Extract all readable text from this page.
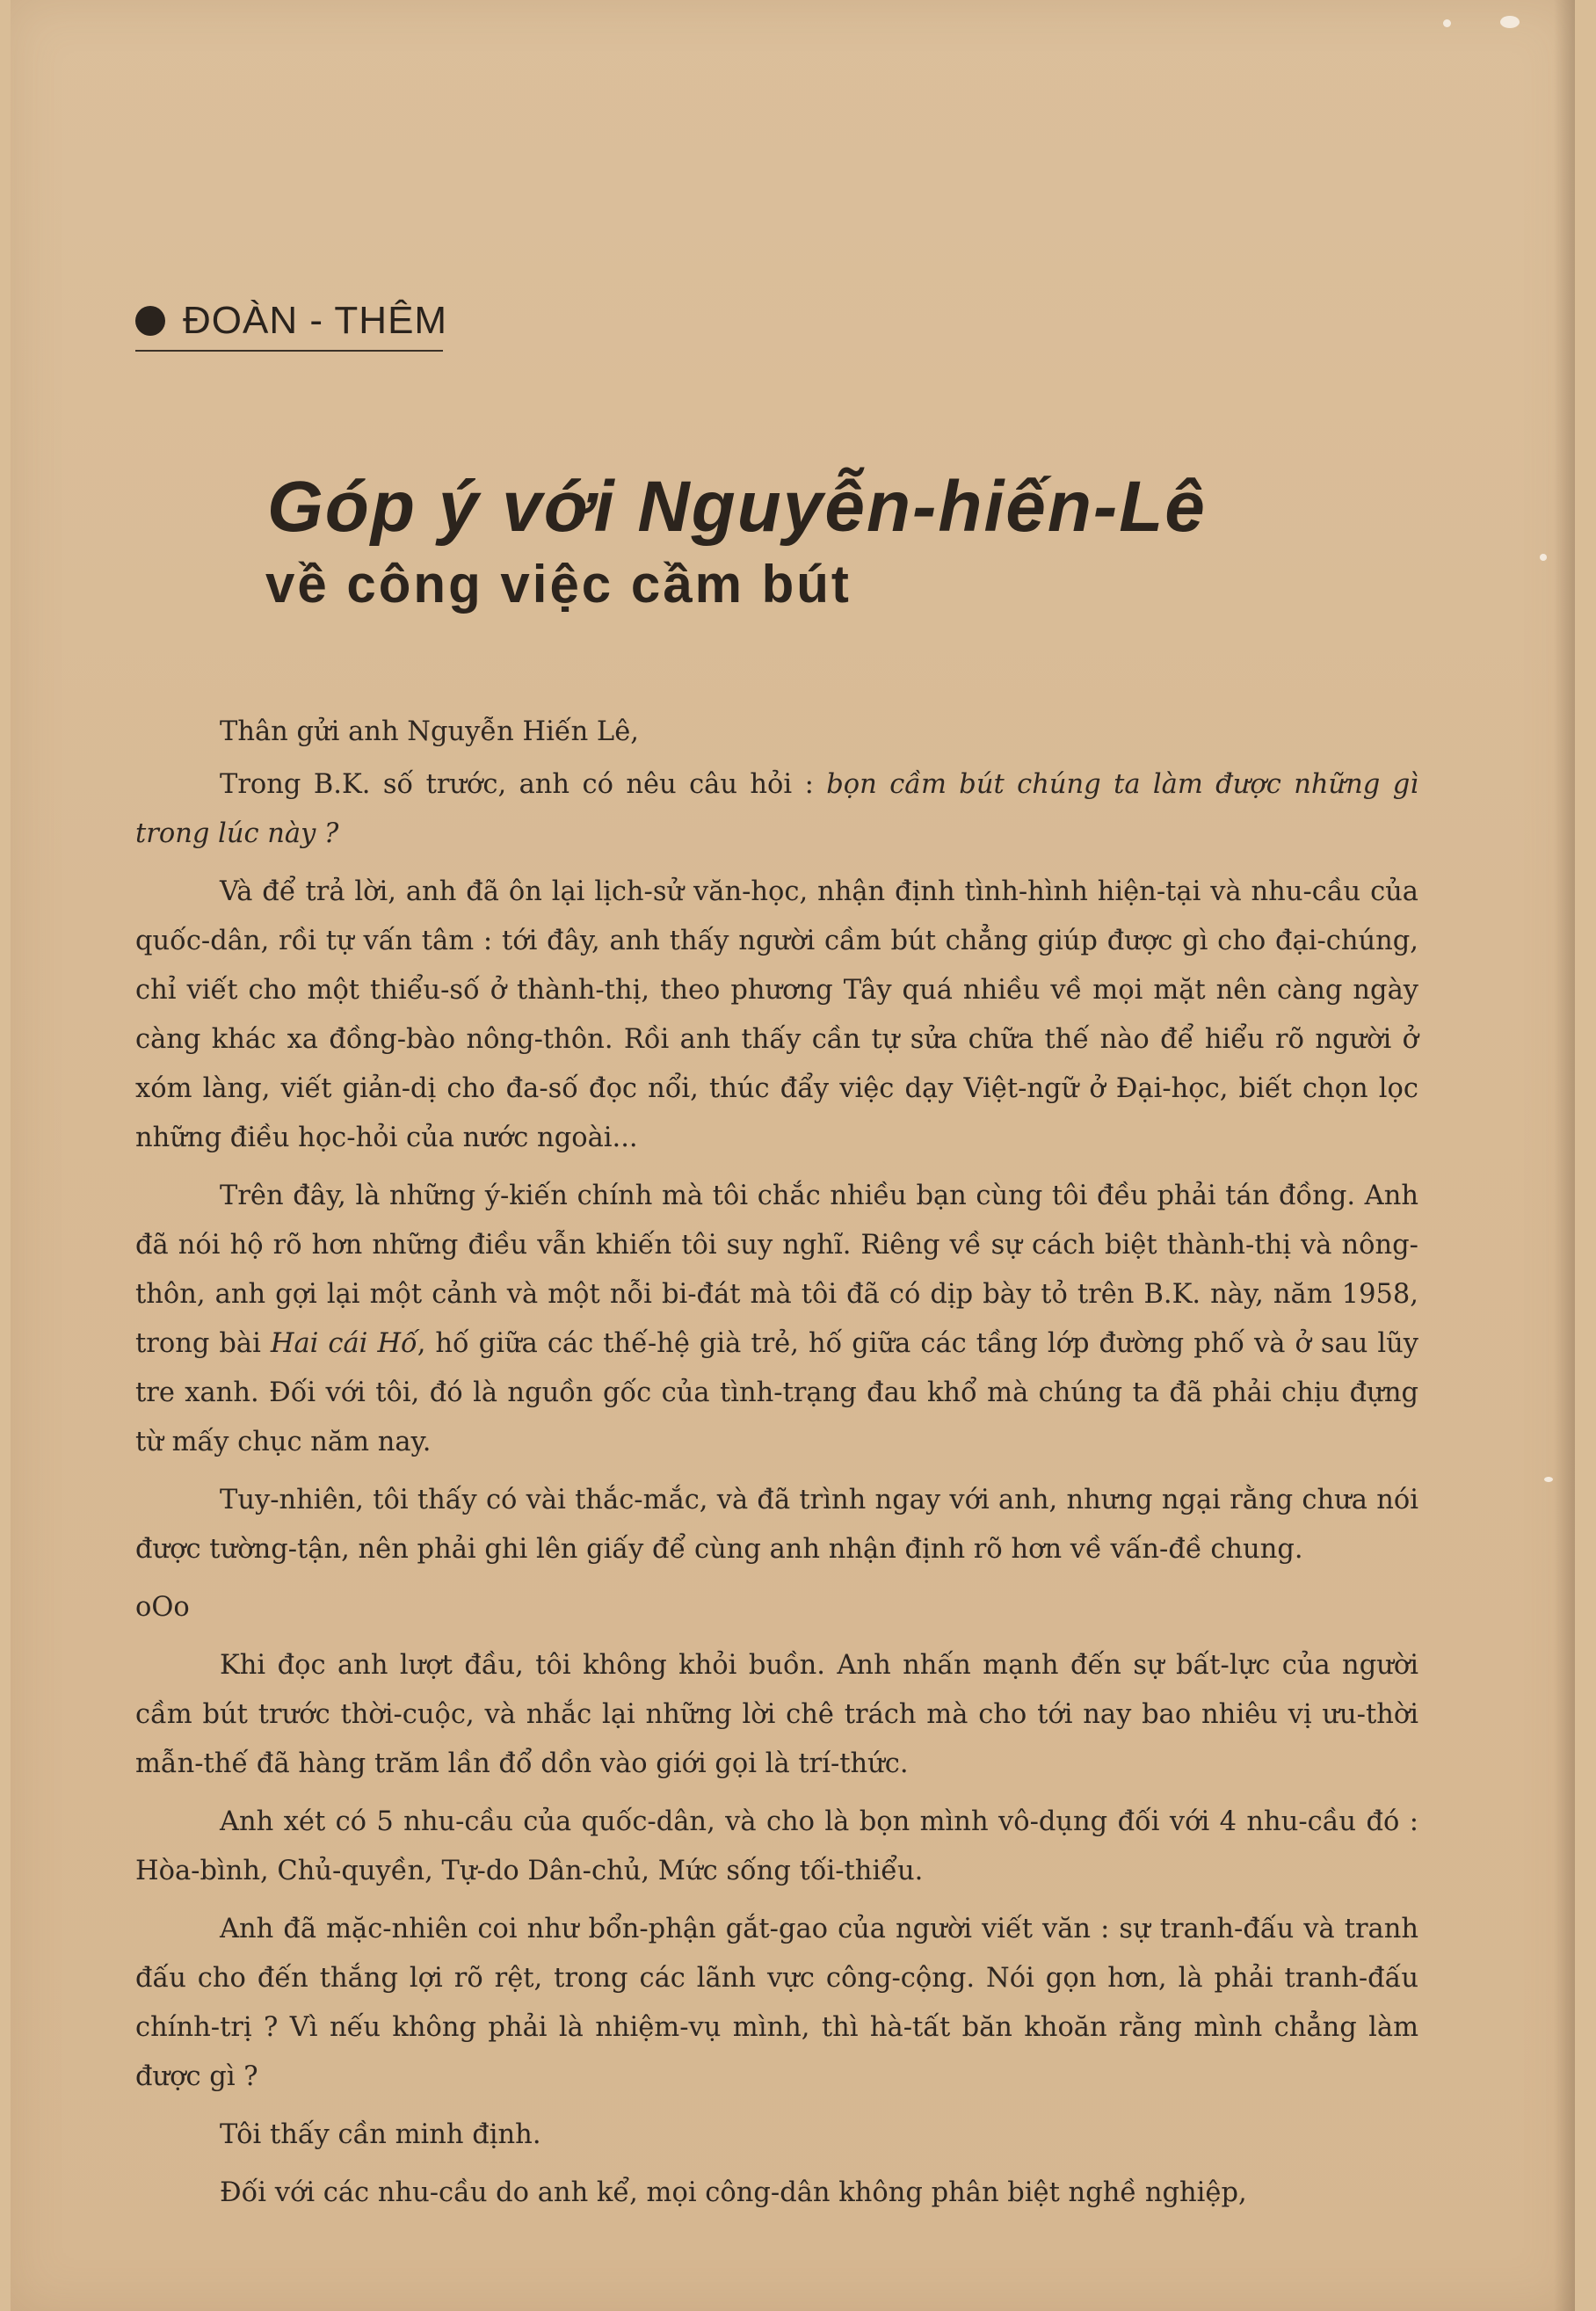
ĐOÀN - THÊM
Góp ý với Nguyễn-hiến-Lê
về công việc cầm bút

Thân gửi anh Nguyễn Hiến Lê,

Trong B.K. số trước, anh có nêu câu hỏi : bọn cầm bút chúng ta làm được những gì trong lúc này ?

Và để trả lời, anh đã ôn lại lịch-sử văn-học, nhận định tình-hình hiện-tại và nhu-cầu của quốc-dân, rồi tự vấn tâm : tới đây, anh thấy người cầm bút chẳng giúp được gì cho đại-chúng, chỉ viết cho một thiểu-số ở thành-thị, theo phương Tây quá nhiều về mọi mặt nên càng ngày càng khác xa đồng-bào nông-thôn. Rồi anh thấy cần tự sửa chữa thế nào để hiểu rõ người ở xóm làng, viết giản-dị cho đa-số đọc nổi, thúc đẩy việc dạy Việt-ngữ ở Đại-học, biết chọn lọc những điều học-hỏi của nước ngoài...

Trên đây, là những ý-kiến chính mà tôi chắc nhiều bạn cùng tôi đều phải tán đồng. Anh đã nói hộ rõ hơn những điều vẫn khiến tôi suy nghĩ. Riêng về sự cách biệt thành-thị và nông-thôn, anh gợi lại một cảnh và một nỗi bi-đát mà tôi đã có dịp bày tỏ trên B.K. này, năm 1958, trong bài Hai cái Hố, hố giữa các thế-hệ già trẻ, hố giữa các tầng lớp đường phố và ở sau lũy tre xanh. Đối với tôi, đó là nguồn gốc của tình-trạng đau khổ mà chúng ta đã phải chịu đựng từ mấy chục năm nay.

Tuy-nhiên, tôi thấy có vài thắc-mắc, và đã trình ngay với anh, nhưng ngại rằng chưa nói được tường-tận, nên phải ghi lên giấy để cùng anh nhận định rõ hơn về vấn-đề chung.

oOo

Khi đọc anh lượt đầu, tôi không khỏi buồn. Anh nhấn mạnh đến sự bất-lực của người cầm bút trước thời-cuộc, và nhắc lại những lời chê trách mà cho tới nay bao nhiêu vị ưu-thời mẫn-thế đã hàng trăm lần đổ dồn vào giới gọi là trí-thức.

Anh xét có 5 nhu-cầu của quốc-dân, và cho là bọn mình vô-dụng đối với 4 nhu-cầu đó : Hòa-bình, Chủ-quyền, Tự-do Dân-chủ, Mức sống tối-thiểu.

Anh đã mặc-nhiên coi như bổn-phận gắt-gao của người viết văn : sự tranh-đấu và tranh đấu cho đến thắng lợi rõ rệt, trong các lãnh vực công-cộng. Nói gọn hơn, là phải tranh-đấu chính-trị ? Vì nếu không phải là nhiệm-vụ mình, thì hà-tất băn khoăn rằng mình chẳng làm được gì ?

Tôi thấy cần minh định.

Đối với các nhu-cầu do anh kể, mọi công-dân không phân biệt nghề nghiệp,
